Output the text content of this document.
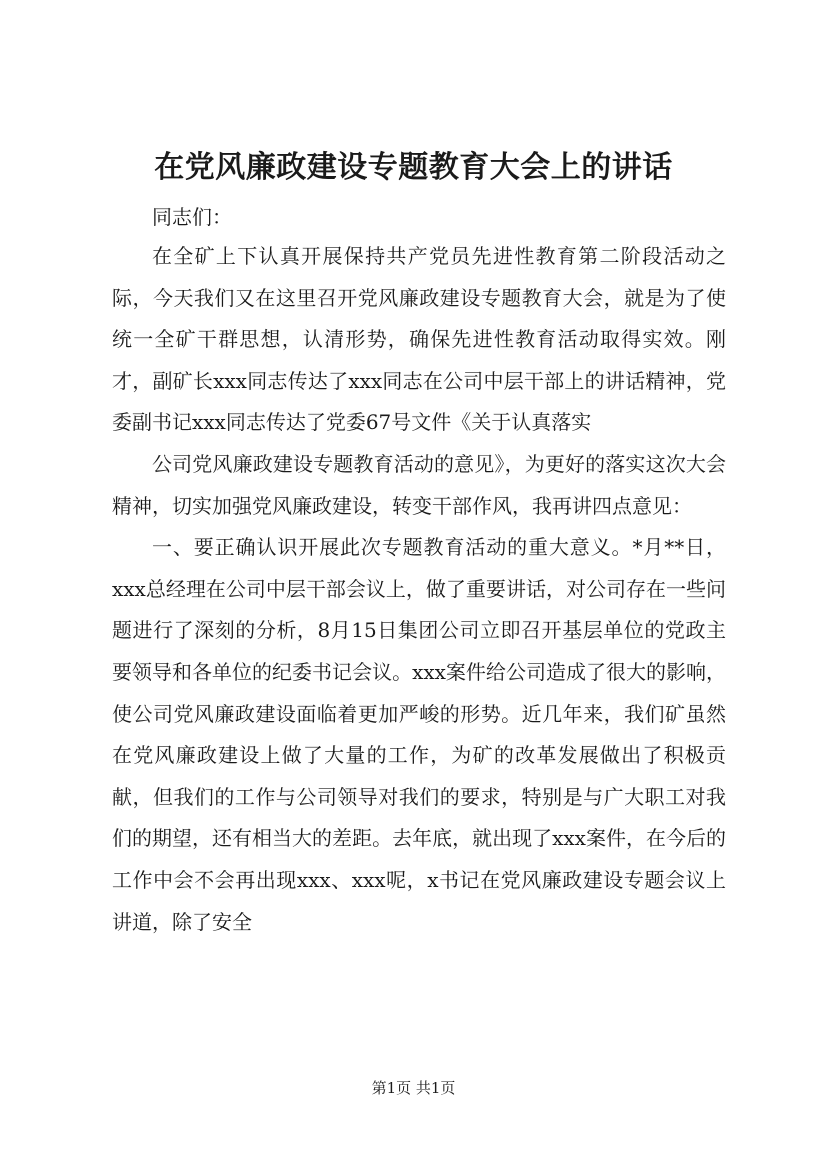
在党风廉政建设专题教育大会上的讲话

同志们：

在全矿上下认真开展保持共产党员先进性教育第二阶段活动之际，今天我们又在这里召开党风廉政建设专题教育大会，就是为了使统一全矿干群思想，认清形势，确保先进性教育活动取得实效。刚才，副矿长xxx同志传达了xxx同志在公司中层干部上的讲话精神，党委副书记xxx同志传达了党委67号文件《关于认真落实

公司党风廉政建设专题教育活动的意见》，为更好的落实这次大会精神，切实加强党风廉政建设，转变干部作风，我再讲四点意见：

一、要正确认识开展此次专题教育活动的重大意义。*月**日，xxx总经理在公司中层干部会议上，做了重要讲话，对公司存在一些问题进行了深刻的分析，8月15日集团公司立即召开基层单位的党政主要领导和各单位的纪委书记会议。xxx案件给公司造成了很大的影响，使公司党风廉政建设面临着更加严峻的形势。近几年来，我们矿虽然在党风廉政建设上做了大量的工作，为矿的改革发展做出了积极贡献，但我们的工作与公司领导对我们的要求，特别是与广大职工对我们的期望，还有相当大的差距。去年底，就出现了xxx案件，在今后的工作中会不会再出现xxx、xxx呢，x书记在党风廉政建设专题会议上讲道，除了安全

第1页 共1页
